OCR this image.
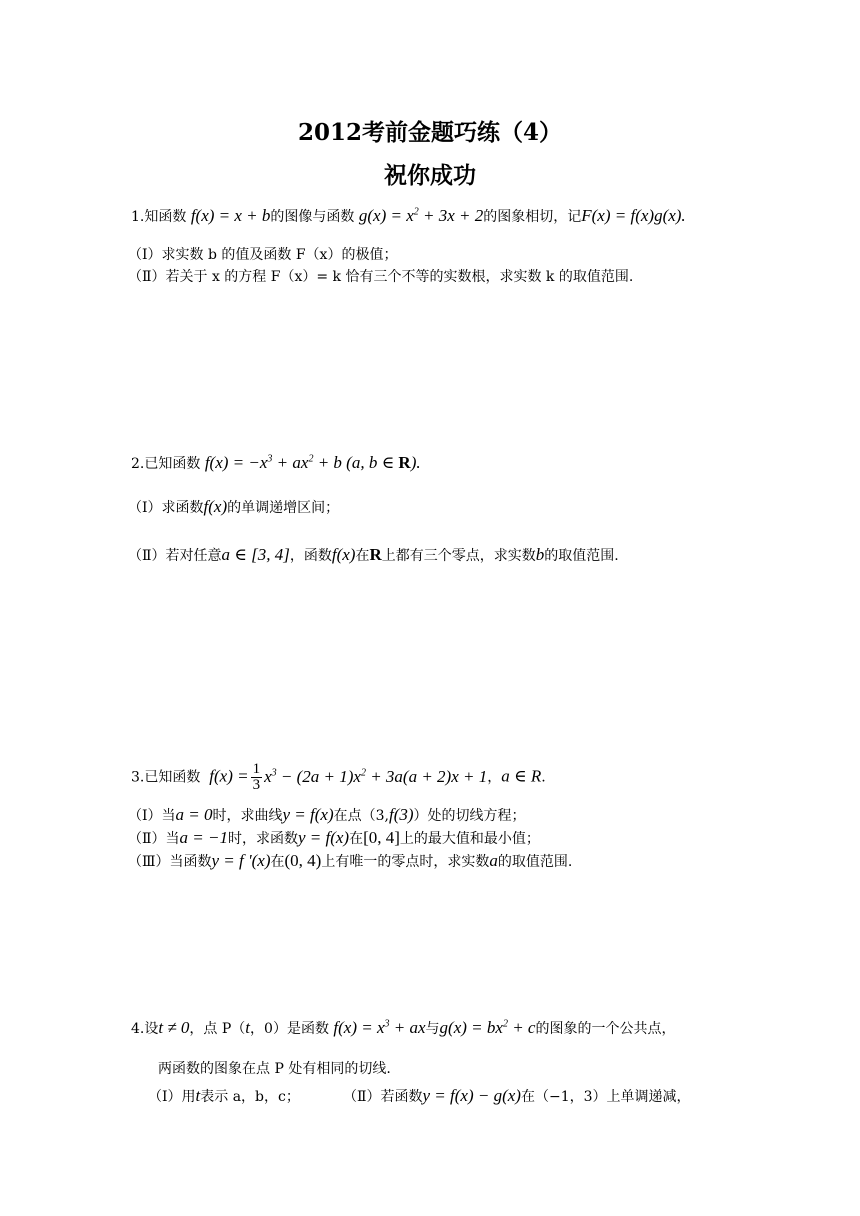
2012考前金题巧练（4）
祝你成功
1.知函数 f(x) = x + b的图像与函数 $g(x) = x^2 + 3x + 2$的图象相切，记F(x) = f(x)g(x).
（Ⅰ）求实数 b 的值及函数 F（x）的极值；
（Ⅱ）若关于 x 的方程 F（x）= k 恰有三个不等的实数根，求实数 k 的取值范围.
2.已知函数 $f(x) = -x^3 + ax^2 + b$ (a, b ∈ R).
（Ⅰ）求函数f(x)的单调递增区间；
（Ⅱ）若对任意a ∈ [3, 4]，函数f(x)在R上都有三个零点，求实数b的取值范围.
3.已知函数 $f(x) = \frac{1}{3} x^3 - (2a + 1)x^2 + 3a(a + 2)x + 1$，a ∈ R.
（Ⅰ）当a = 0时，求曲线y = f(x)在点（3,f(3)）处的切线方程；
（Ⅱ）当a = −1时，求函数y = f(x)在[0, 4]上的最大值和最小值；
（Ⅲ）当函数y = f '(x)在(0, 4)上有唯一的零点时，求实数a的取值范围.
4.设t ≠ 0，点 P（t，0）是函数 $f(x) = x^3$ + ax与$g(x) = bx^2 + c$的图象的一个公共点，
两函数的图象在点 P 处有相同的切线.
（Ⅰ）用t表示 a，b，c；	（Ⅱ）若函数y = f(x) − g(x)在（−1，3）上单调递减，
